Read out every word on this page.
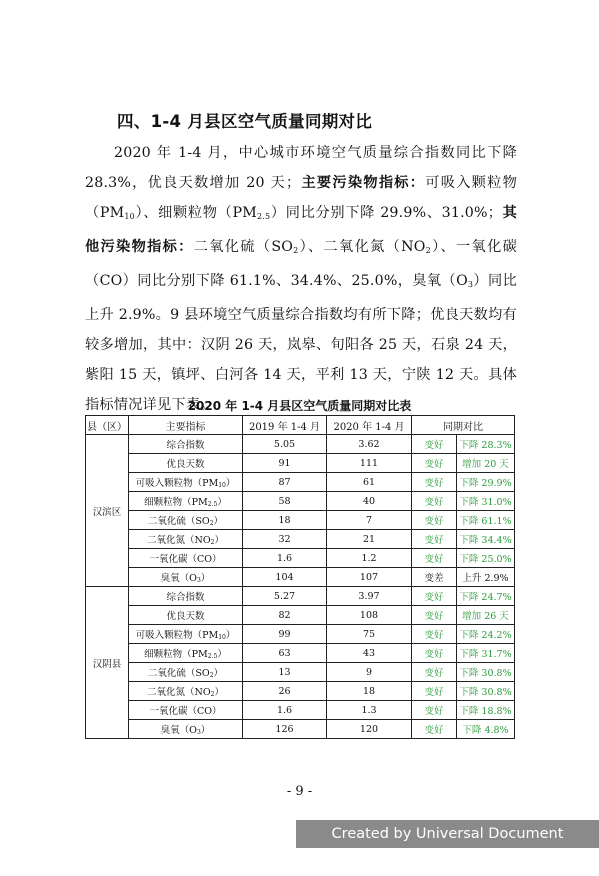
四、1-4 月县区空气质量同期对比
2020 年 1-4 月，中心城市环境空气质量综合指数同比下降 28.3%，优良天数增加 20 天；主要污染物指标：可吸入颗粒物$(PM_{10})$、细颗粒物$(PM_{2.5})$同比分别下降 29.9%、31.0%；其他污染物指标：二氧化硫$(SO_2)$、二氧化氮$(NO_2)$、一氧化碳（CO）同比分别下降 61.1%、34.4%、25.0%，臭氧$(O_3)$同比上升 2.9%。9 县环境空气质量综合指数均有所下降；优良天数均有较多增加，其中：汉阴 26 天，岚皋、旬阳各 25 天，石泉 24 天，紫阳 15 天，镇坪、白河各 14 天，平利 13 天，宁陕 12 天。具体指标情况详见下表。
2020 年 1-4 月县区空气质量同期对比表
县（区）	主要指标	2019 年 1-4 月	2020 年 1-4 月	同期对比	
汉滨区	综合指数	5.05	3.62	变好	下降 28.3%
	优良天数	91	111	变好	增加 20 天
	可吸入颗粒物$(PM_{10})$	87	61	变好	下降 29.9%
	细颗粒物$(PM_{2.5})$	58	40	变好	下降 31.0%
	二氧化硫$(SO_2)$	18	7	变好	下降 61.1%
	二氧化氮$(NO_2)$	32	21	变好	下降 34.4%
	一氧化碳（CO）	1.6	1.2	变好	下降 25.0%
	臭氧$(O_3)$	104	107	变差	上升 2.9%
汉阴县	综合指数	5.27	3.97	变好	下降 24.7%
	优良天数	82	108	变好	增加 26 天
	可吸入颗粒物$(PM_{10})$	99	75	变好	下降 24.2%
	细颗粒物$(PM_{2.5})$	63	43	变好	下降 31.7%
	二氧化硫$(SO_2)$	13	9	变好	下降 30.8%
	二氧化氮$(NO_2)$	26	18	变好	下降 30.8%
	一氧化碳（CO）	1.6	1.3	变好	下降 18.8%
	臭氧$(O_3)$	126	120	变好	下降 4.8%
- 9 -
Created by Universal Document Converter
